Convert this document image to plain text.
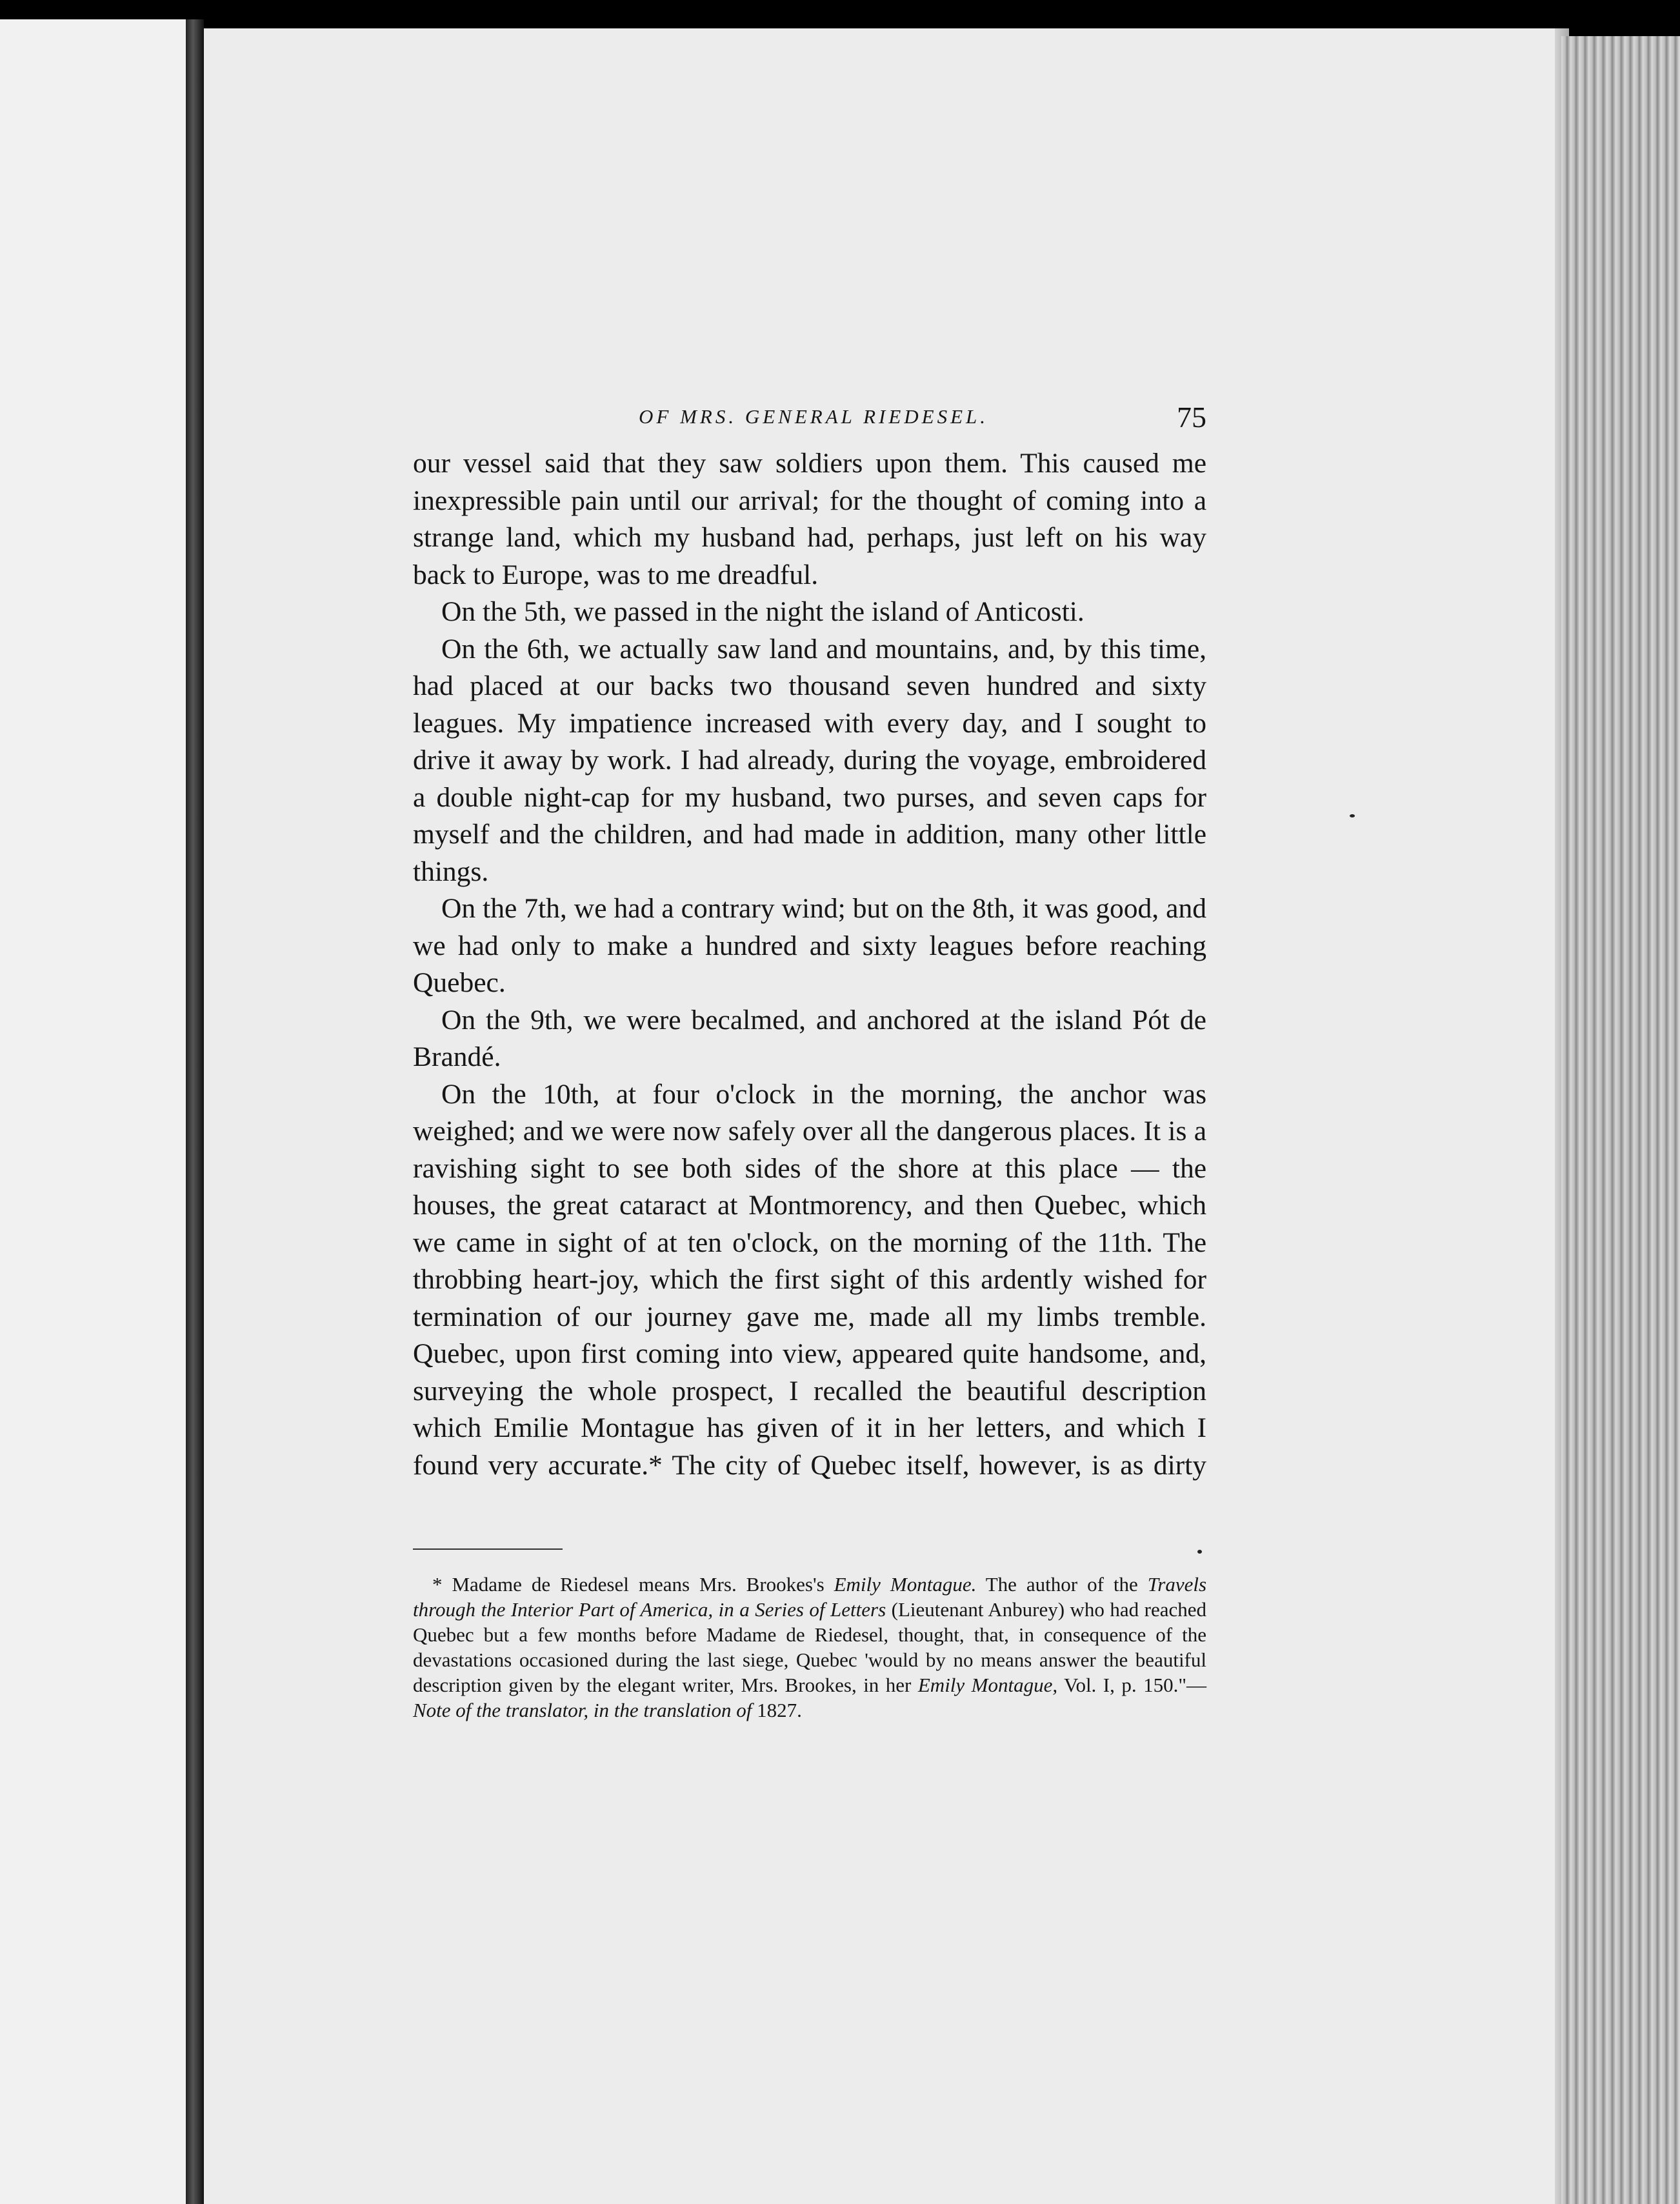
OF MRS. GENERAL RIEDESEL.	75

our vessel said that they saw soldiers upon them. This caused me inexpressible pain until our arrival; for the thought of coming into a strange land, which my husband had, perhaps, just left on his way back to Europe, was to me dreadful.

On the 5th, we passed in the night the island of Anticosti.

On the 6th, we actually saw land and mountains, and, by this time, had placed at our backs two thousand seven hundred and sixty leagues. My impatience increased with every day, and I sought to drive it away by work. I had already, during the voyage, embroidered a double night-cap for my husband, two purses, and seven caps for myself and the children, and had made in addition, many other little things.

On the 7th, we had a contrary wind; but on the 8th, it was good, and we had only to make a hundred and sixty leagues before reaching Quebec.

On the 9th, we were becalmed, and anchored at the island Pót de Brandé.

On the 10th, at four o'clock in the morning, the anchor was weighed; and we were now safely over all the dangerous places. It is a ravishing sight to see both sides of the shore at this place — the houses, the great cataract at Montmorency, and then Quebec, which we came in sight of at ten o'clock, on the morning of the 11th. The throbbing heart-joy, which the first sight of this ardently wished for termination of our journey gave me, made all my limbs tremble. Quebec, upon first coming into view, appeared quite handsome, and, surveying the whole prospect, I recalled the beautiful description which Emilie Montague has given of it in her letters, and which I found very accurate.* The city of Quebec itself, however, is as dirty

* Madame de Riedesel means Mrs. Brookes's Emily Montague. The author of the Travels through the Interior Part of America, in a Series of Letters (Lieutenant Anburey) who had reached Quebec but a few months before Madame de Riedesel, thought, that, in consequence of the devastations occasioned during the last siege, Quebec 'would by no means answer the beautiful description given by the elegant writer, Mrs. Brookes, in her Emily Montague, Vol. I, p. 150."—Note of the translator, in the translation of 1827.
